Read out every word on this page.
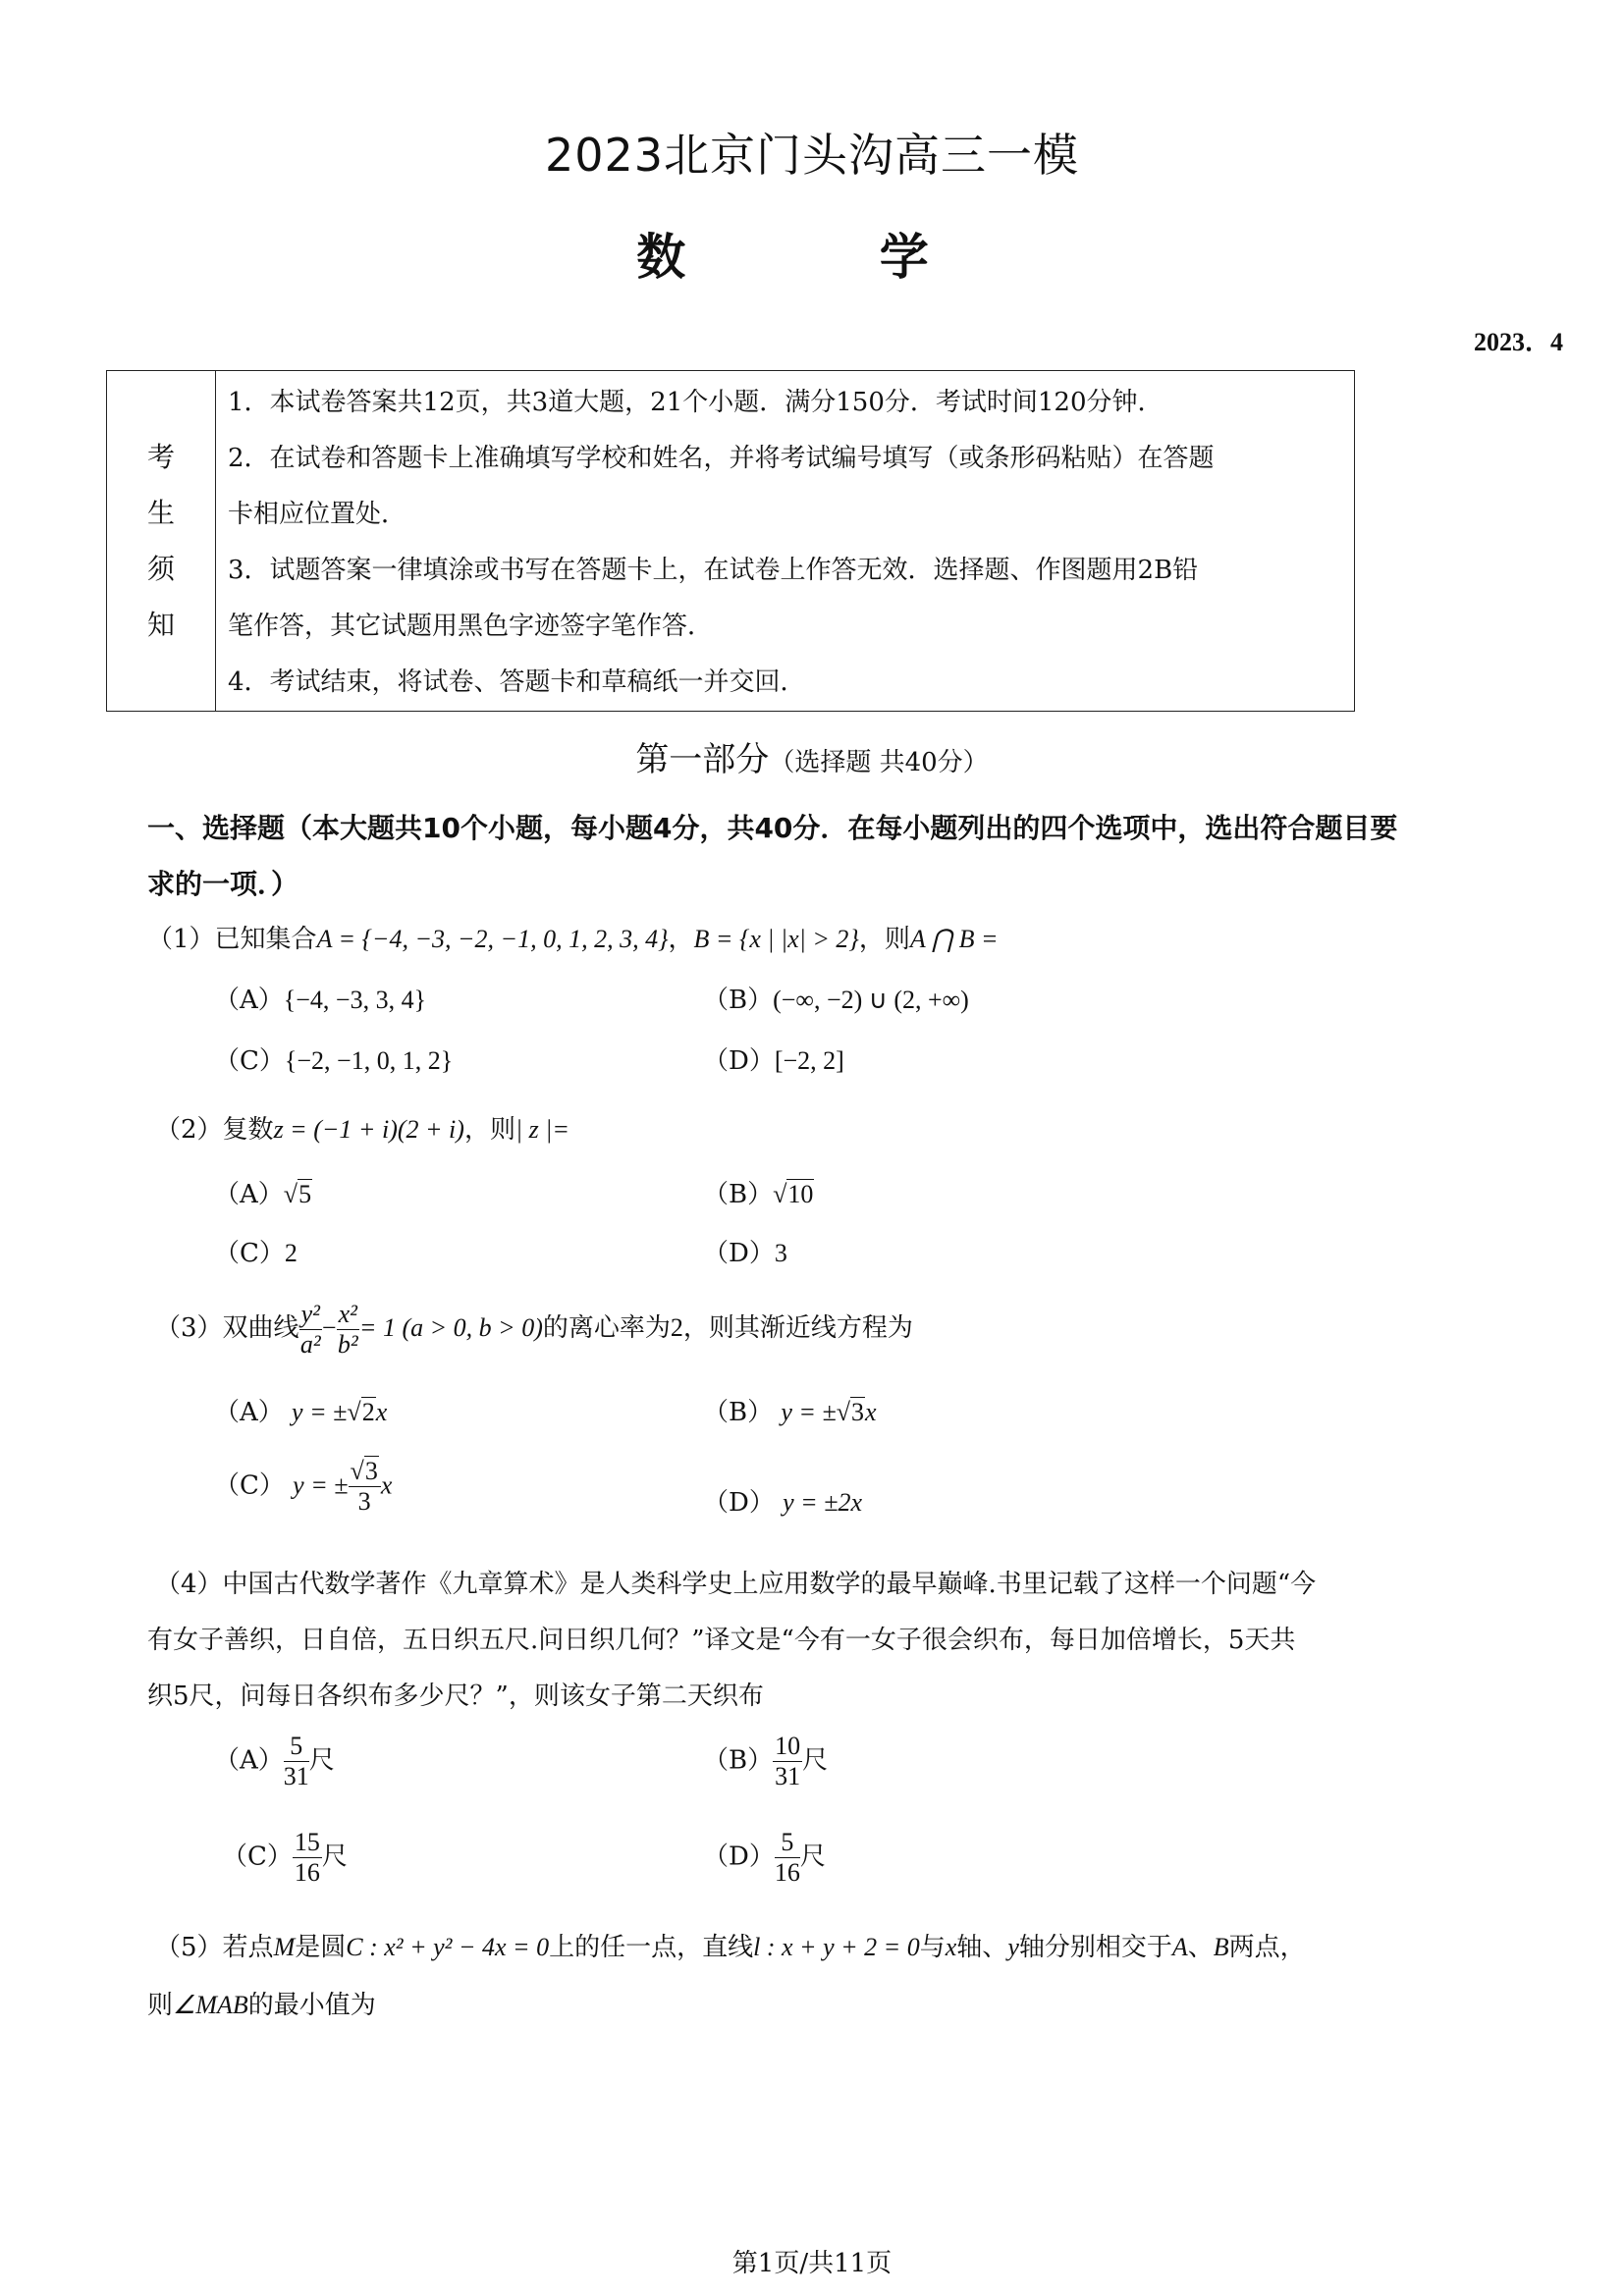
2023北京门头沟高三一模
数 学
2023．4
考
生
须
知

1．本试卷答案共12页，共3道大题，21个小题．满分150分．考试时间120分钟．
2．在试卷和答题卡上准确填写学校和姓名，并将考试编号填写（或条形码粘贴）在答题
卡相应位置处．
3．试题答案一律填涂或书写在答题卡上，在试卷上作答无效．选择题、作图题用2B铅
笔作答，其它试题用黑色字迹签字笔作答．
4．考试结束，将试卷、答题卡和草稿纸一并交回．
第一部分（选择题 共40分）
一、选择题（本大题共10个小题，每小题4分，共40分．在每小题列出的四个选项中，选出符合题目要
求的一项．）
（1）已知集合A = {−4, −3, −2, −1, 0, 1, 2, 3, 4}，B = {x | |x| > 2}，则A ⋂ B =
（A）{−4, −3, 3, 4}	（B）(−∞, −2) ∪ (2, +∞)
（C）{−2, −1, 0, 1, 2}	（D）[−2, 2]
（2）复数z = (−1 + i)(2 + i)，则| z |=
（A）√5	（B）√10
（C）2	（D）3
（3）双曲线 $\frac{\text{y²}}{\text{a²}} - \frac{\text{x²}}{\text{b²}} = 1$ (a > 0, b > 0)的离心率为2，则其渐近线方程为
（A） y = ±√2x	（B） y = ±√3x
（C） y = ± $\frac{√3}{3}$ x
（D） y = ±2x
（4）中国古代数学著作《九章算术》是人类科学史上应用数学的最早巅峰.书里记载了这样一个问题“今
有女子善织，日自倍，五日织五尺.问日织几何？”译文是“今有一女子很会织布，每日加倍增长，5天共
织5尺，问每日各织布多少尺？”，则该女子第二天织布
$(A) \frac{5}{31}$ 尺	$(B) \frac{10}{31}$ 尺
$(C) \frac{15}{16}$ 尺	$(D) \frac{5}{16}$ 尺
（5）若点M是圆C : x² + y² − 4x = 0上的任一点，直线l : x + y + 2 = 0与x轴、y轴分别相交于A、B两点，
则∠MAB的最小值为
第1页/共11页
